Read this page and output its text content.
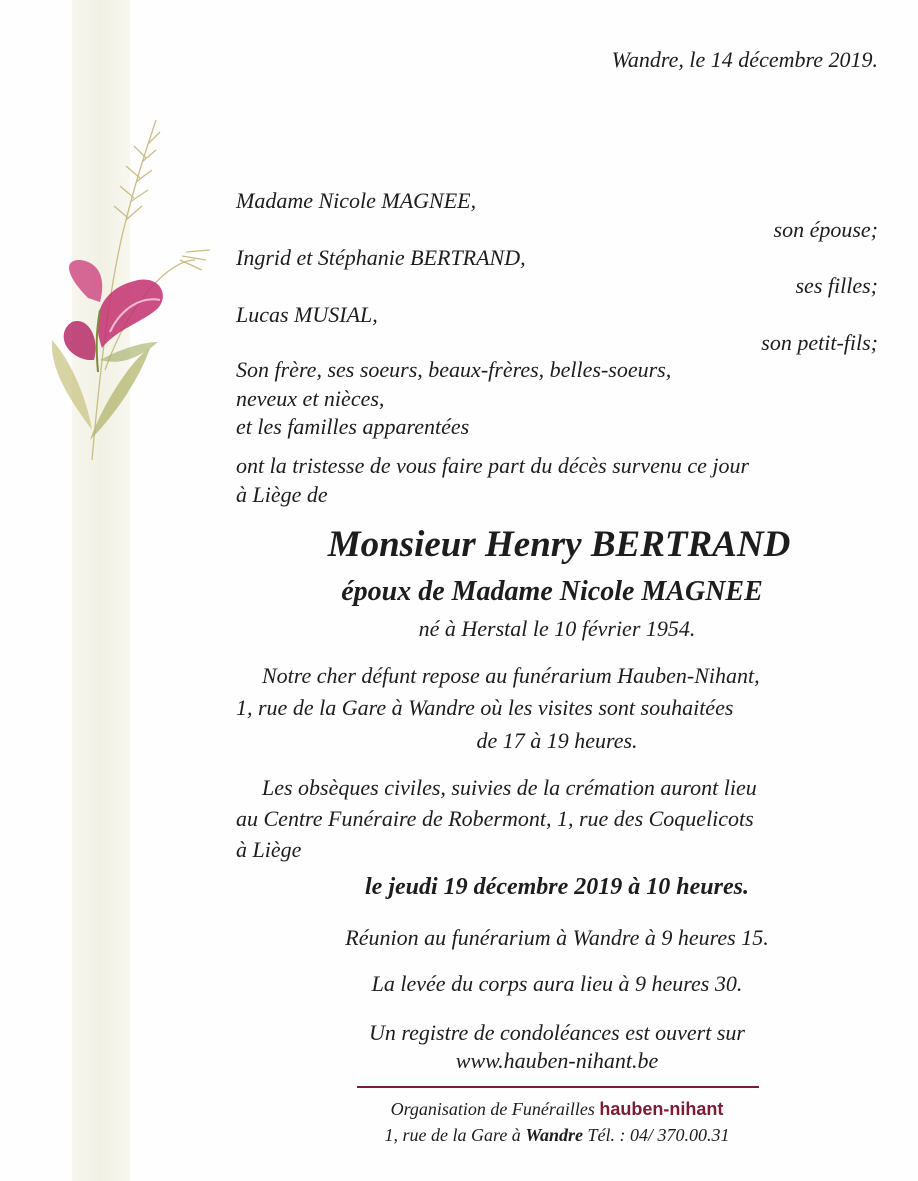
Wandre, le 14 décembre 2019.

Madame Nicole MAGNEE,

son épouse;

Ingrid et Stéphanie BERTRAND,

ses filles;

Lucas MUSIAL,

son petit-fils;

Son frère, ses soeurs, beaux-frères, belles-soeurs,

neveux et nièces,

et les familles apparentées

ont la tristesse de vous faire part du décès survenu ce jour

à Liège de

Monsieur Henry BERTRAND

époux de Madame Nicole MAGNEE

né à Herstal le 10 février 1954.

Notre cher défunt repose au funérarium Hauben-Nihant,

1, rue de la Gare à Wandre où les visites sont souhaitées

de 17 à 19 heures.

Les obsèques civiles, suivies de la crémation auront lieu

au Centre Funéraire de Robermont, 1, rue des Coquelicots

à Liège

le jeudi 19 décembre 2019 à 10 heures.

Réunion au funérarium à Wandre à 9 heures 15.

La levée du corps aura lieu à 9 heures 30.

Un registre de condoléances est ouvert sur

www.hauben-nihant.be

Organisation de Funérailles hauben-nihant

1, rue de la Gare à Wandre Tél. : 04/ 370.00.31
